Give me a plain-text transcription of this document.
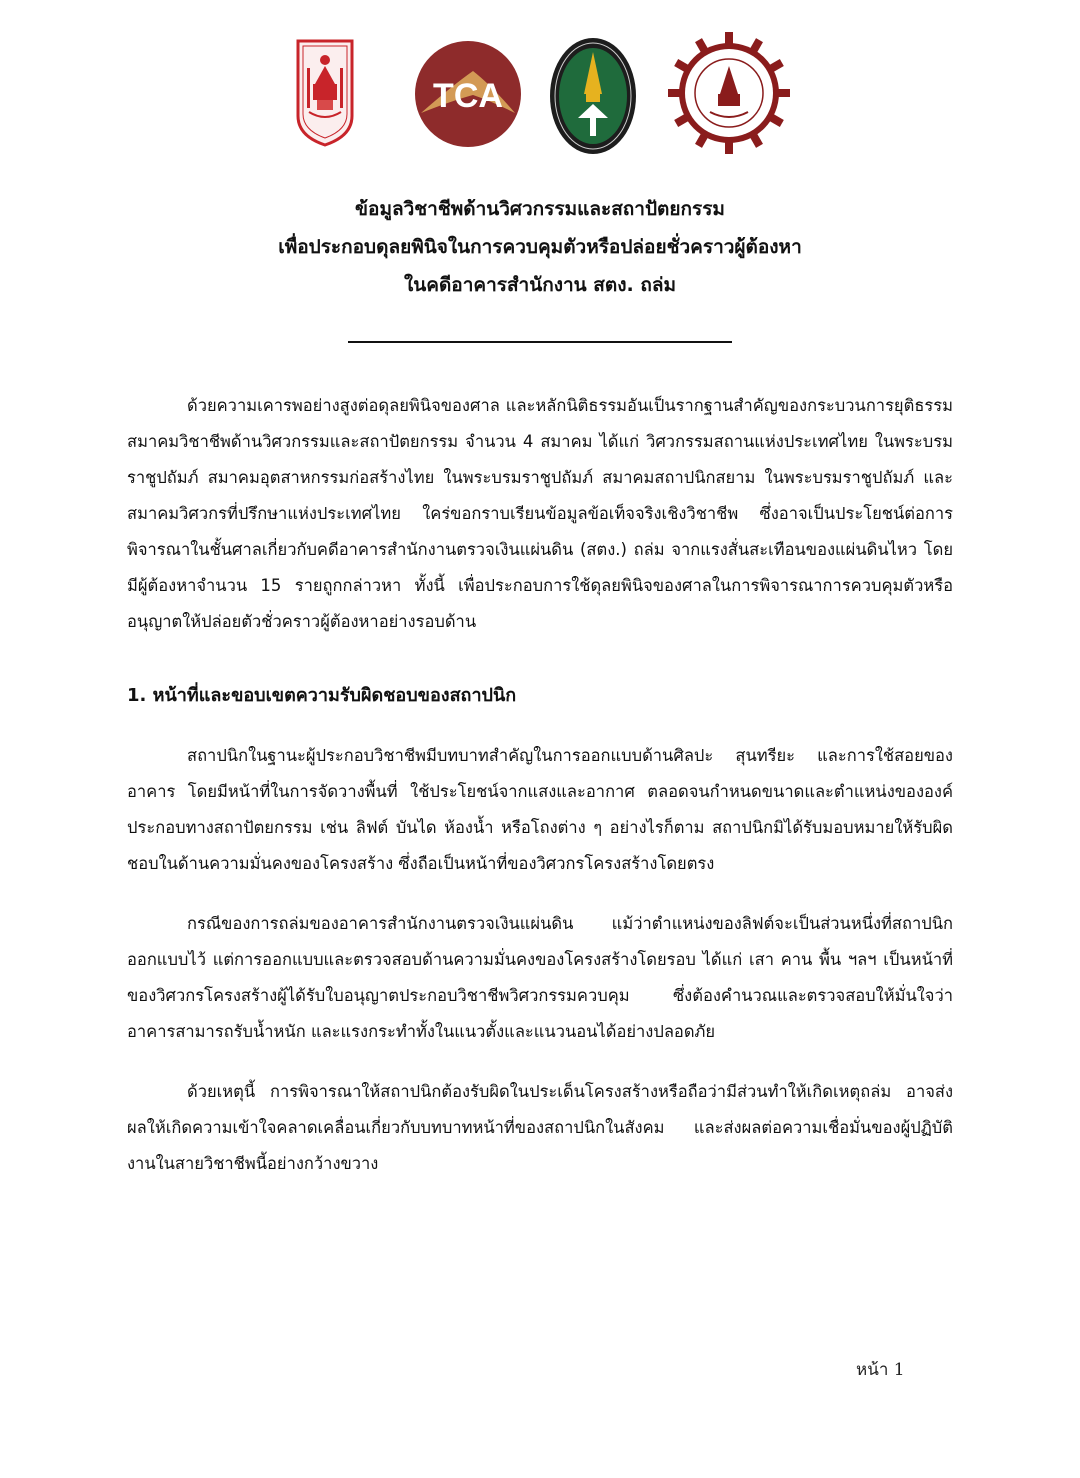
TCA

ข้อมูลวิชาชีพด้านวิศวกรรมและสถาปัตยกรรม

เพื่อประกอบดุลยพินิจในการควบคุมตัวหรือปล่อยชั่วคราวผู้ต้องหา

ในคดีอาคารสำนักงาน สตง. ถล่ม

ด้วยความเคารพอย่างสูงต่อดุลยพินิจของศาล และหลักนิติธรรมอันเป็นรากฐานสำคัญของกระบวนการยุติธรรม สมาคมวิชาชีพด้านวิศวกรรมและสถาปัตยกรรม จำนวน 4 สมาคม ได้แก่ วิศวกรรมสถานแห่งประเทศไทย ในพระบรมราชูปถัมภ์ สมาคมอุตสาหกรรมก่อสร้างไทย ในพระบรมราชูปถัมภ์ สมาคมสถาปนิกสยาม ในพระบรมราชูปถัมภ์ และสมาคมวิศวกรที่ปรึกษาแห่งประเทศไทย ใคร่ขอกราบเรียนข้อมูลข้อเท็จจริงเชิงวิชาชีพ ซึ่งอาจเป็นประโยชน์ต่อการพิจารณาในชั้นศาลเกี่ยวกับคดีอาคารสำนักงานตรวจเงินแผ่นดิน (สตง.) ถล่ม จากแรงสั่นสะเทือนของแผ่นดินไหว โดยมีผู้ต้องหาจำนวน 15 รายถูกกล่าวหา ทั้งนี้ เพื่อประกอบการใช้ดุลยพินิจของศาลในการพิจารณาการควบคุมตัวหรืออนุญาตให้ปล่อยตัวชั่วคราวผู้ต้องหาอย่างรอบด้าน

1. หน้าที่และขอบเขตความรับผิดชอบของสถาปนิก

สถาปนิกในฐานะผู้ประกอบวิชาชีพมีบทบาทสำคัญในการออกแบบด้านศิลปะ สุนทรียะ และการใช้สอยของอาคาร โดยมีหน้าที่ในการจัดวางพื้นที่ ใช้ประโยชน์จากแสงและอากาศ ตลอดจนกำหนดขนาดและตำแหน่งขององค์ประกอบทางสถาปัตยกรรม เช่น ลิฟต์ บันได ห้องน้ำ หรือโถงต่าง ๆ อย่างไรก็ตาม สถาปนิกมิได้รับมอบหมายให้รับผิดชอบในด้านความมั่นคงของโครงสร้าง ซึ่งถือเป็นหน้าที่ของวิศวกรโครงสร้างโดยตรง

กรณีของการถล่มของอาคารสำนักงานตรวจเงินแผ่นดิน แม้ว่าตำแหน่งของลิฟต์จะเป็นส่วนหนึ่งที่สถาปนิกออกแบบไว้ แต่การออกแบบและตรวจสอบด้านความมั่นคงของโครงสร้างโดยรอบ ได้แก่ เสา คาน พื้น ฯลฯ เป็นหน้าที่ของวิศวกรโครงสร้างผู้ได้รับใบอนุญาตประกอบวิชาชีพวิศวกรรมควบคุม ซึ่งต้องคำนวณและตรวจสอบให้มั่นใจว่าอาคารสามารถรับน้ำหนัก และแรงกระทำทั้งในแนวตั้งและแนวนอนได้อย่างปลอดภัย

ด้วยเหตุนี้ การพิจารณาให้สถาปนิกต้องรับผิดในประเด็นโครงสร้างหรือถือว่ามีส่วนทำให้เกิดเหตุถล่ม อาจส่งผลให้เกิดความเข้าใจคลาดเคลื่อนเกี่ยวกับบทบาทหน้าที่ของสถาปนิกในสังคม และส่งผลต่อความเชื่อมั่นของผู้ปฏิบัติงานในสายวิชาชีพนี้อย่างกว้างขวาง

หน้า 1
